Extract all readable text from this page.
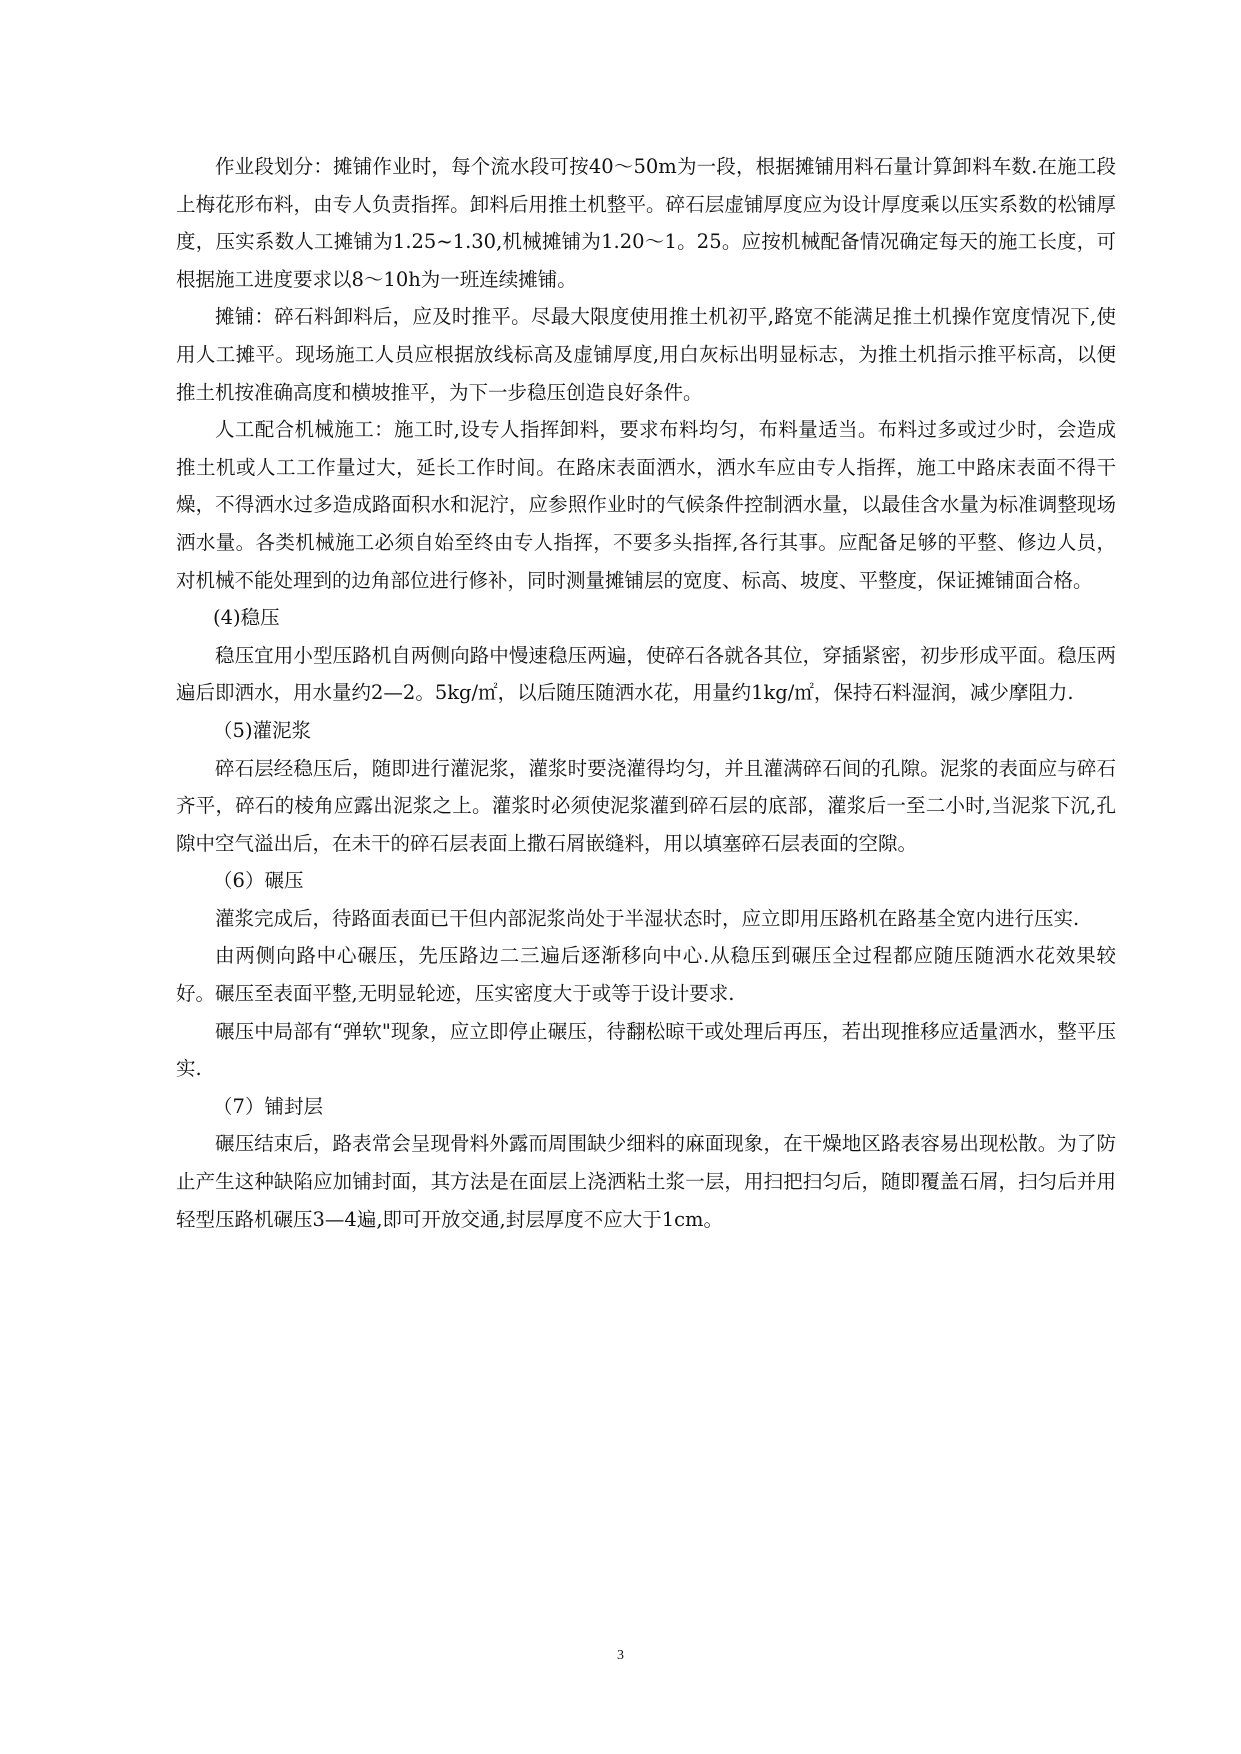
作业段划分：摊铺作业时，每个流水段可按40～50m为一段，根据摊铺用料石量计算卸料车数.在施工段上梅花形布料，由专人负责指挥。卸料后用推土机整平。碎石层虚铺厚度应为设计厚度乘以压实系数的松铺厚度，压实系数人工摊铺为1.25~1.30,机械摊铺为1.20～1。25。应按机械配备情况确定每天的施工长度，可根据施工进度要求以8～10h为一班连续摊铺。

摊铺：碎石料卸料后，应及时推平。尽最大限度使用推土机初平,路宽不能满足推土机操作宽度情况下,使用人工摊平。现场施工人员应根据放线标高及虚铺厚度,用白灰标出明显标志，为推土机指示推平标高，以便推土机按准确高度和横坡推平，为下一步稳压创造良好条件。

人工配合机械施工：施工时,设专人指挥卸料，要求布料均匀，布料量适当。布料过多或过少时，会造成推土机或人工工作量过大，延长工作时间。在路床表面洒水，洒水车应由专人指挥，施工中路床表面不得干燥，不得洒水过多造成路面积水和泥泞，应参照作业时的气候条件控制洒水量，以最佳含水量为标准调整现场洒水量。各类机械施工必须自始至终由专人指挥，不要多头指挥,各行其事。应配备足够的平整、修边人员，对机械不能处理到的边角部位进行修补，同时测量摊铺层的宽度、标高、坡度、平整度，保证摊铺面合格。

(4)稳压

稳压宜用小型压路机自两侧向路中慢速稳压两遍，使碎石各就各其位，穿插紧密，初步形成平面。稳压两遍后即洒水，用水量约2—2。5kg/㎡，以后随压随洒水花，用量约1kg/㎡，保持石料湿润，减少摩阻力.

（5)灌泥浆

碎石层经稳压后，随即进行灌泥浆，灌浆时要浇灌得均匀，并且灌满碎石间的孔隙。泥浆的表面应与碎石齐平，碎石的棱角应露出泥浆之上。灌浆时必须使泥浆灌到碎石层的底部，灌浆后一至二小时,当泥浆下沉,孔隙中空气溢出后，在未干的碎石层表面上撒石屑嵌缝料，用以填塞碎石层表面的空隙。

（6）碾压

灌浆完成后，待路面表面已干但内部泥浆尚处于半湿状态时，应立即用压路机在路基全宽内进行压实.

由两侧向路中心碾压，先压路边二三遍后逐渐移向中心.从稳压到碾压全过程都应随压随洒水花效果较好。碾压至表面平整,无明显轮迹，压实密度大于或等于设计要求.

碾压中局部有“弹软"现象，应立即停止碾压，待翻松晾干或处理后再压，若出现推移应适量洒水，整平压实.

（7）铺封层

碾压结束后，路表常会呈现骨料外露而周围缺少细料的麻面现象，在干燥地区路表容易出现松散。为了防止产生这种缺陷应加铺封面，其方法是在面层上浇洒粘土浆一层，用扫把扫匀后，随即覆盖石屑，扫匀后并用轻型压路机碾压3—4遍,即可开放交通,封层厚度不应大于1cm。

3
